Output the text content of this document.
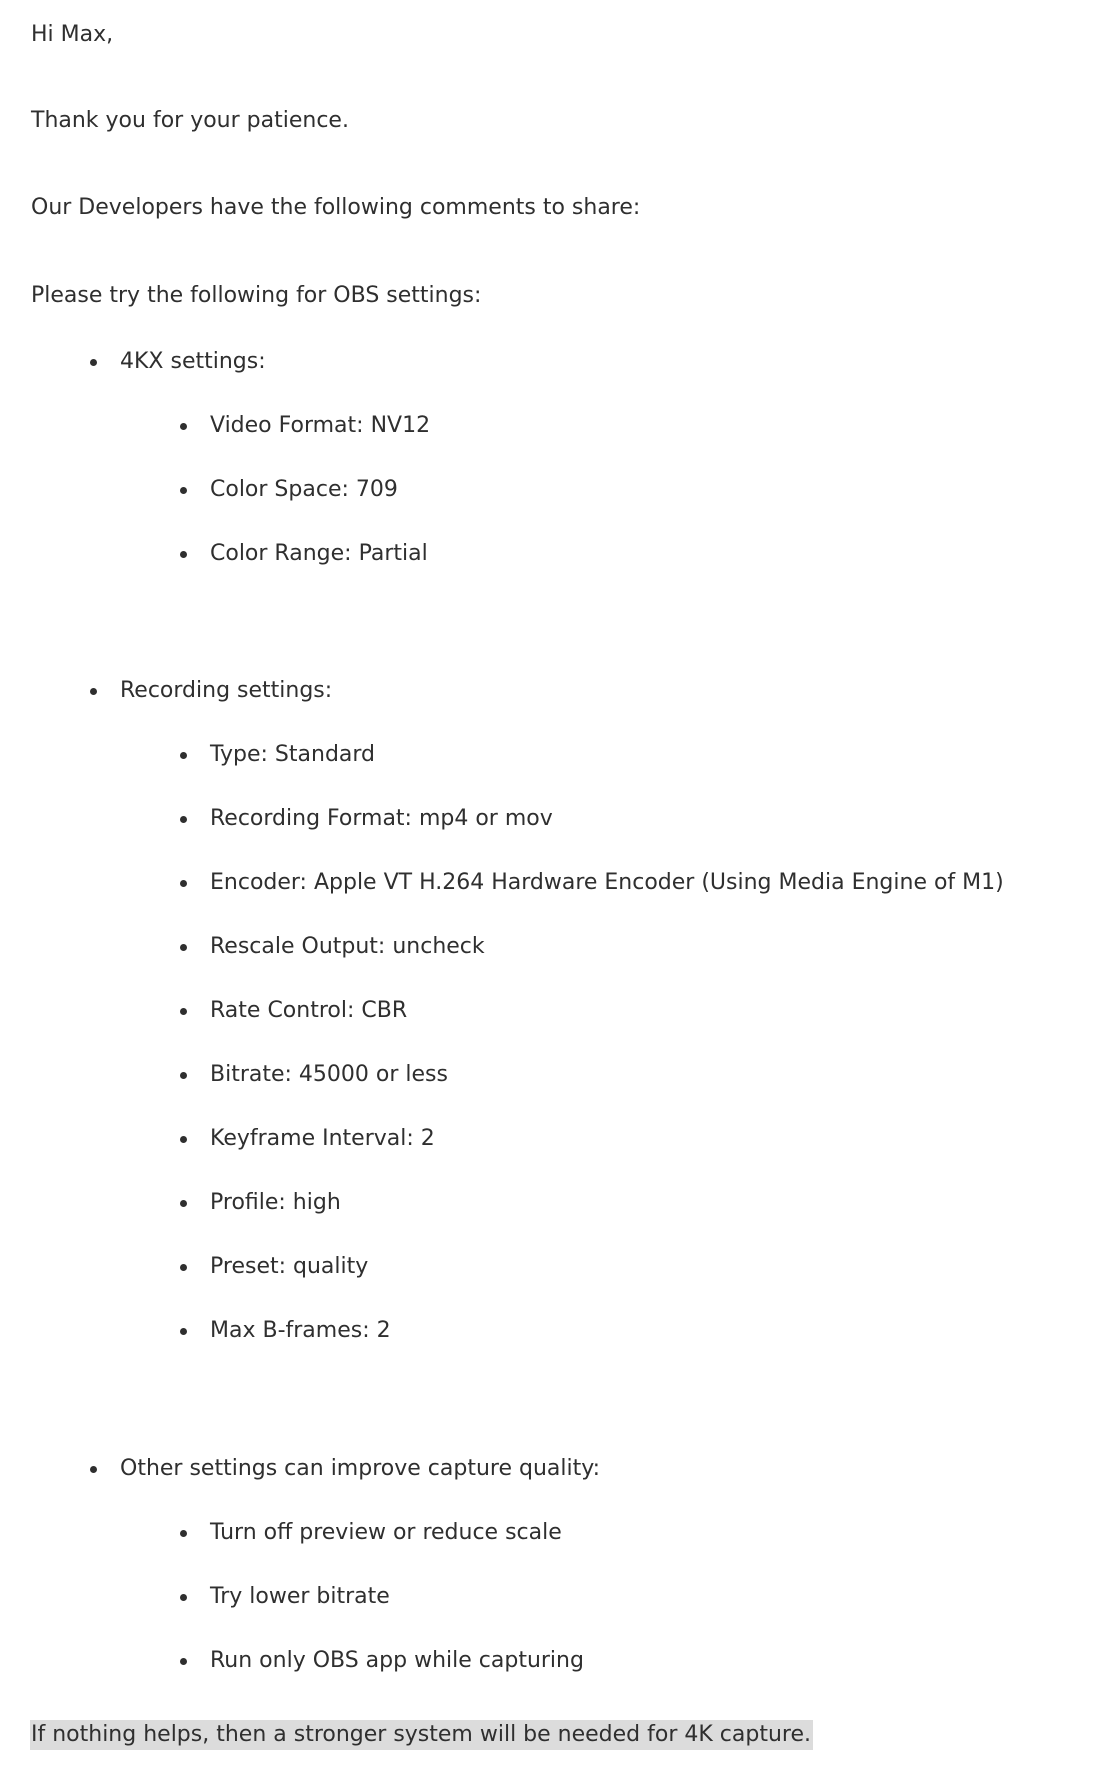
Hi Max,
Thank you for your patience.
Our Developers have the following comments to share:
Please try the following for OBS settings:
4KX settings:
Video Format: NV12
Color Space: 709
Color Range: Partial
Recording settings:
Type: Standard
Recording Format: mp4 or mov
Encoder: Apple VT H.264 Hardware Encoder (Using Media Engine of M1)
Rescale Output: uncheck
Rate Control: CBR
Bitrate: 45000 or less
Keyframe Interval: 2
Profile: high
Preset: quality
Max B-frames: 2
Other settings can improve capture quality:
Turn off preview or reduce scale
Try lower bitrate
Run only OBS app while capturing
If nothing helps, then a stronger system will be needed for 4K capture.
